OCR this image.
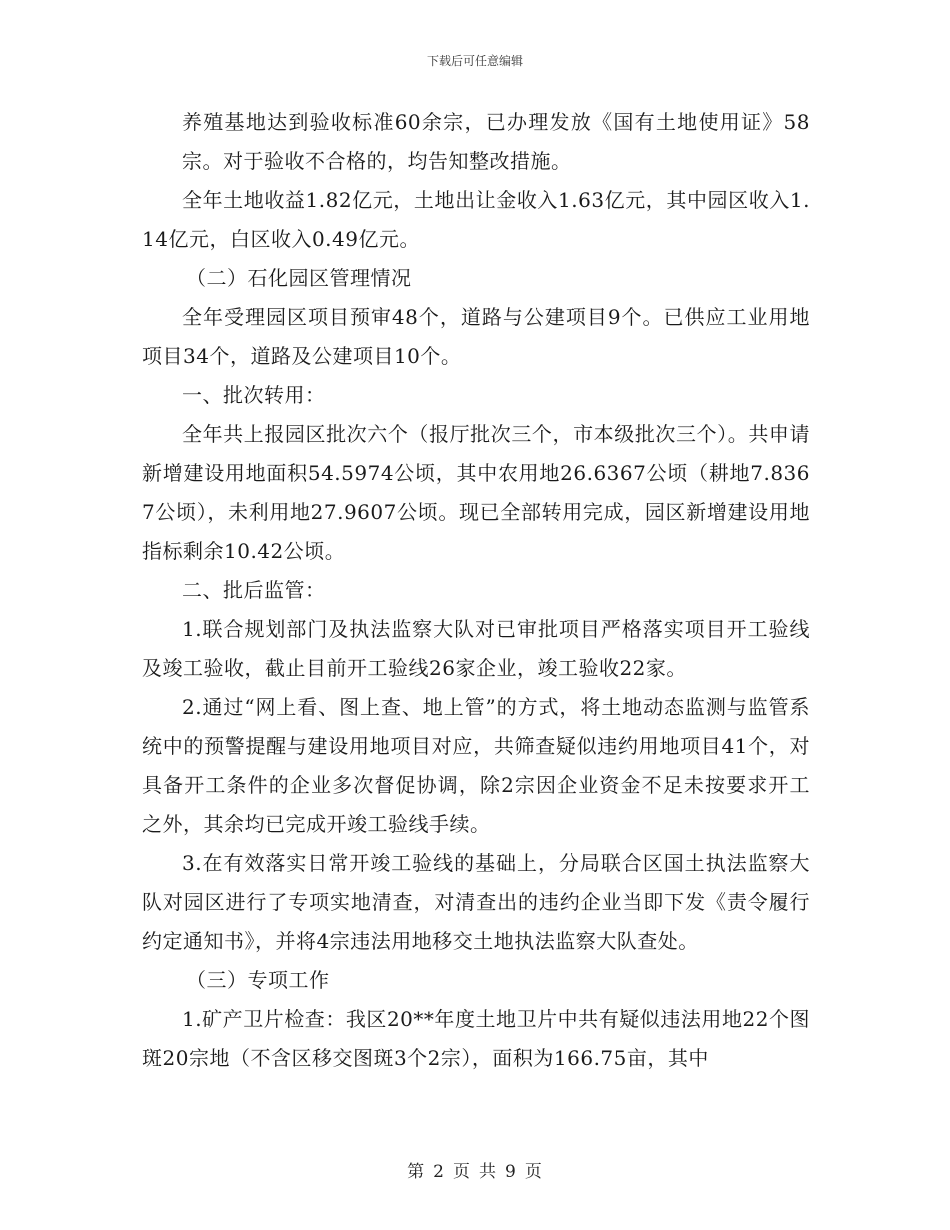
下载后可任意编辑

养殖基地达到验收标准60余宗，已办理发放《国有土地使用证》58宗。对于验收不合格的，均告知整改措施。

全年土地收益1.82亿元，土地出让金收入1.63亿元，其中园区收入1.14亿元，白区收入0.49亿元。

（二）石化园区管理情况

全年受理园区项目预审48个，道路与公建项目9个。已供应工业用地项目34个，道路及公建项目10个。

一、批次转用：

全年共上报园区批次六个（报厅批次三个，市本级批次三个）。共申请新增建设用地面积54.5974公顷，其中农用地26.6367公顷（耕地7.8367公顷），未利用地27.9607公顷。现已全部转用完成，园区新增建设用地指标剩余10.42公顷。

二、批后监管：

1.联合规划部门及执法监察大队对已审批项目严格落实项目开工验线及竣工验收，截止目前开工验线26家企业，竣工验收22家。

2.通过“网上看、图上查、地上管”的方式，将土地动态监测与监管系统中的预警提醒与建设用地项目对应，共筛查疑似违约用地项目41个，对具备开工条件的企业多次督促协调，除2宗因企业资金不足未按要求开工之外，其余均已完成开竣工验线手续。

3.在有效落实日常开竣工验线的基础上，分局联合区国土执法监察大队对园区进行了专项实地清查，对清查出的违约企业当即下发《责令履行约定通知书》，并将4宗违法用地移交土地执法监察大队查处。

（三）专项工作

1.矿产卫片检查：我区20**年度土地卫片中共有疑似违法用地22个图斑20宗地（不含区移交图斑3个2宗），面积为166.75亩，其中

第 2 页 共 9 页
